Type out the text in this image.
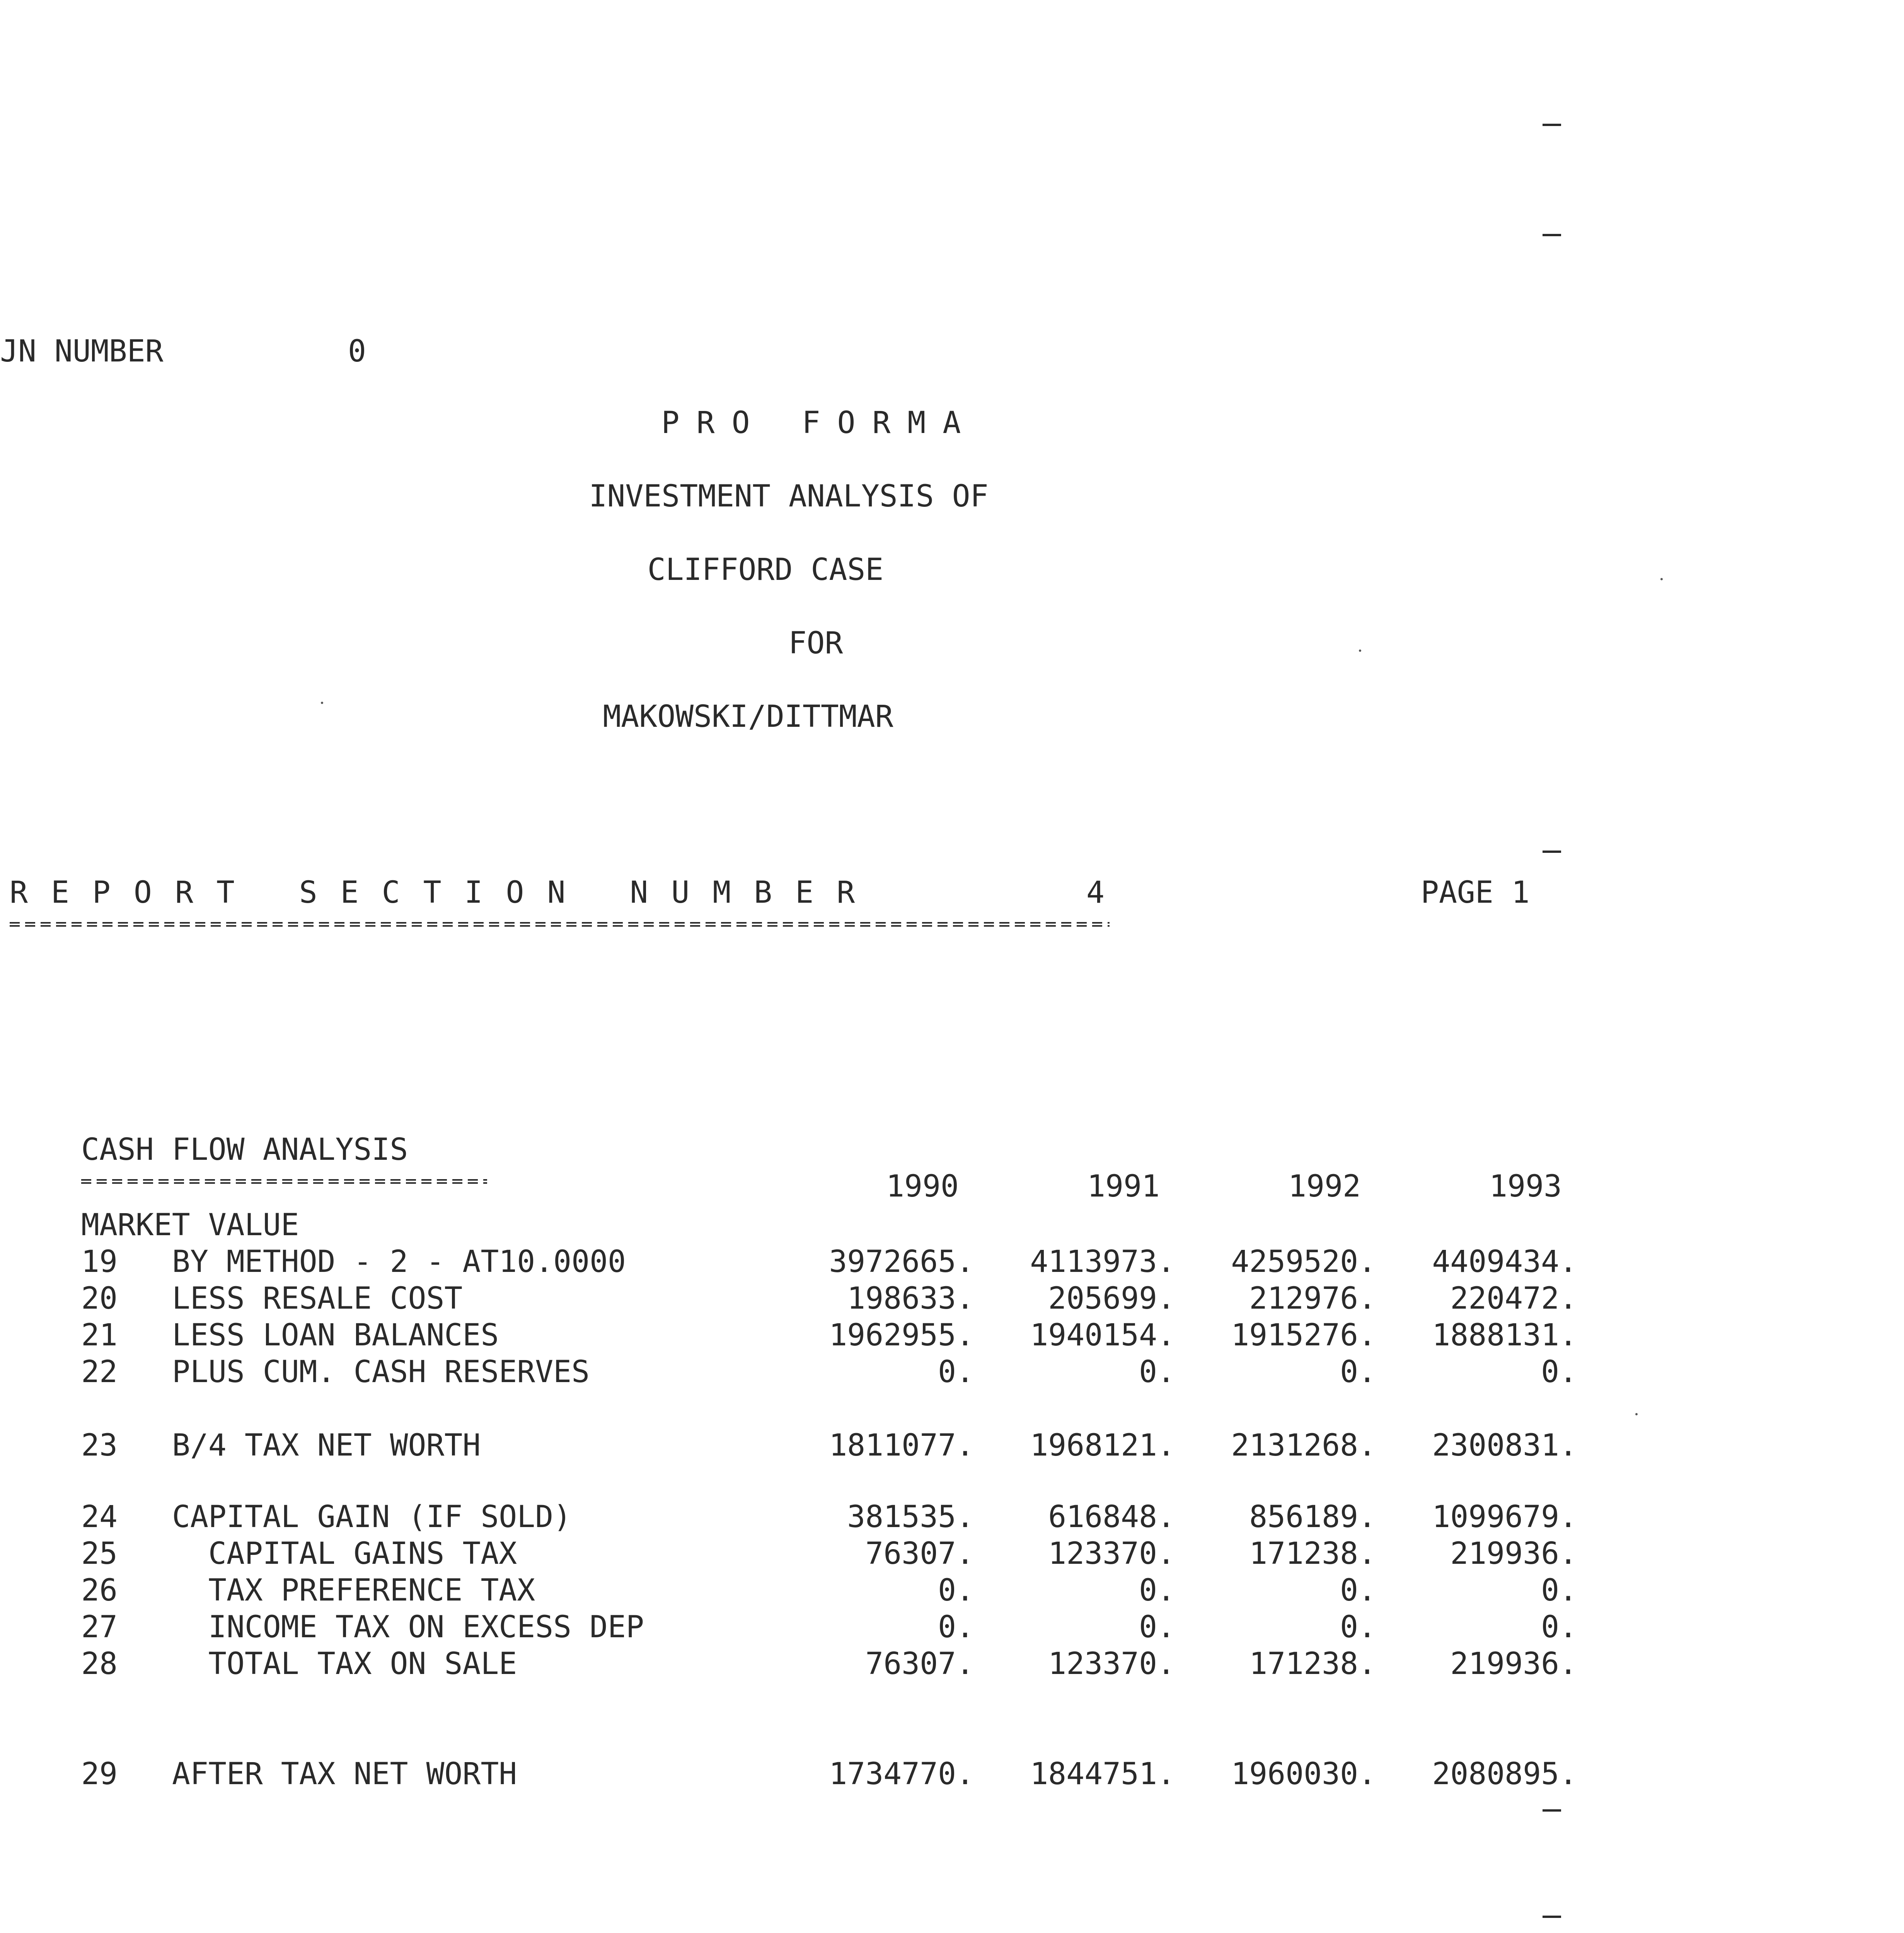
JN NUMBER	0
PRO FORMA
INVESTMENT ANALYSIS OF
CLIFFORD CASE
FOR
MAKOWSKI/DITTMAR
REPORT SECTION NUMBER	4	PAGE 1
CASH FLOW ANALYSIS
1990	1991	1992	1993
MARKET VALUE
19 BY METHOD - 2 - AT10.0000	3972665.	4113973.	4259520.	4409434.
20 LESS RESALE COST	198633.	205699.	212976.	220472.
21 LESS LOAN BALANCES	1962955.	1940154.	1915276.	1888131.
22 PLUS CUM. CASH RESERVES	0.	0.	0.	0.
23 B/4 TAX NET WORTH	1811077.	1968121.	2131268.	2300831.
24 CAPITAL GAIN (IF SOLD)	381535.	616848.	856189.	1099679.
25 CAPITAL GAINS TAX	76307.	123370.	171238.	219936.
26 TAX PREFERENCE TAX	0.	0.	0.	0.
27 INCOME TAX ON EXCESS DEP	0.	0.	0.	0.
28 TOTAL TAX ON SALE	76307.	123370.	171238.	219936.
29 AFTER TAX NET WORTH	1734770.	1844751.	1960030.	2080895.
